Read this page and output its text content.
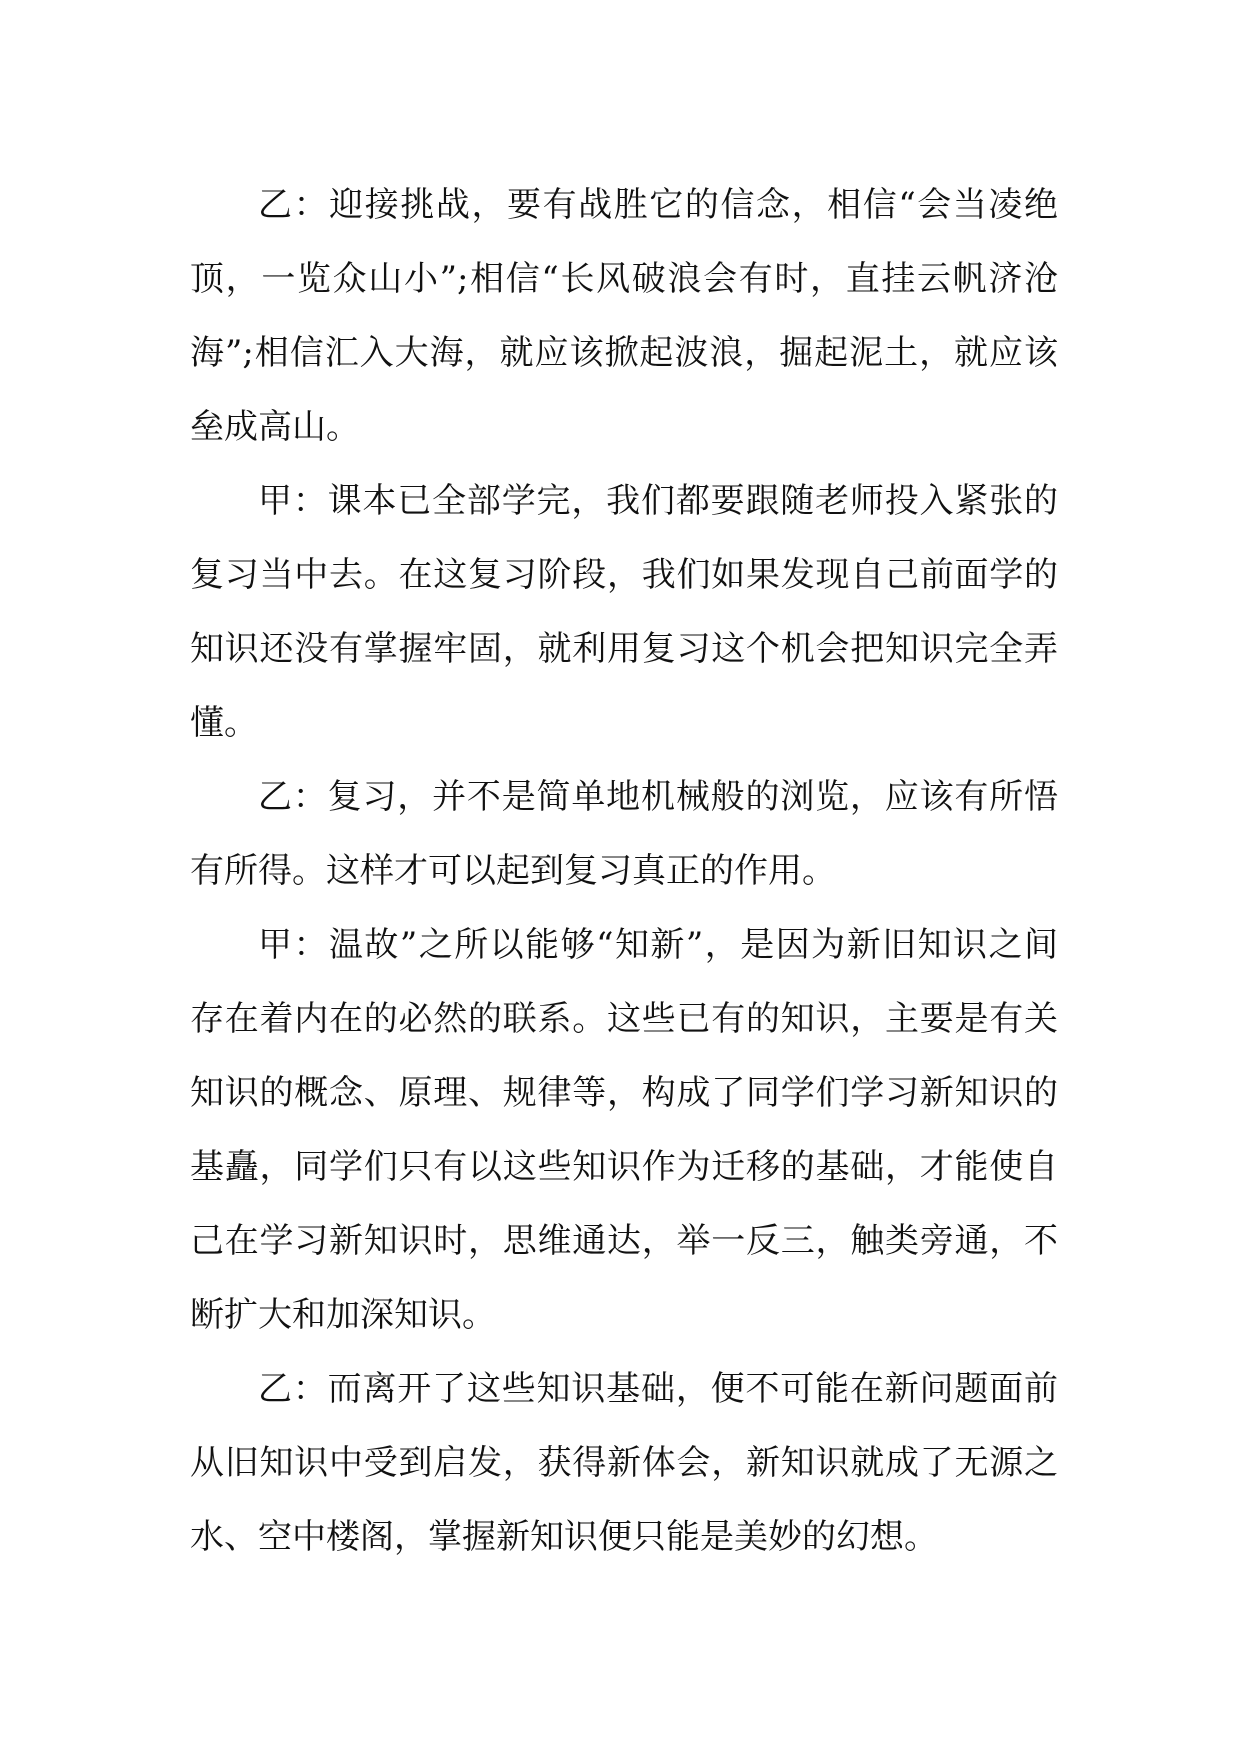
乙：迎接挑战，要有战胜它的信念，相信“会当凌绝顶，一览众山小”;相信“长风破浪会有时，直挂云帆济沧海”;相信汇入大海，就应该掀起波浪，掘起泥土，就应该垒成高山。

甲：课本已全部学完，我们都要跟随老师投入紧张的复习当中去。在这复习阶段，我们如果发现自己前面学的知识还没有掌握牢固，就利用复习这个机会把知识完全弄懂。

乙：复习，并不是简单地机械般的浏览，应该有所悟有所得。这样才可以起到复习真正的作用。

甲：温故”之所以能够“知新”，是因为新旧知识之间存在着内在的必然的联系。这些已有的知识，主要是有关知识的概念、原理、规律等，构成了同学们学习新知识的基矗，同学们只有以这些知识作为迁移的基础，才能使自己在学习新知识时，思维通达，举一反三，触类旁通，不断扩大和加深知识。

乙：而离开了这些知识基础，便不可能在新问题面前从旧知识中受到启发，获得新体会，新知识就成了无源之水、空中楼阁，掌握新知识便只能是美妙的幻想。
